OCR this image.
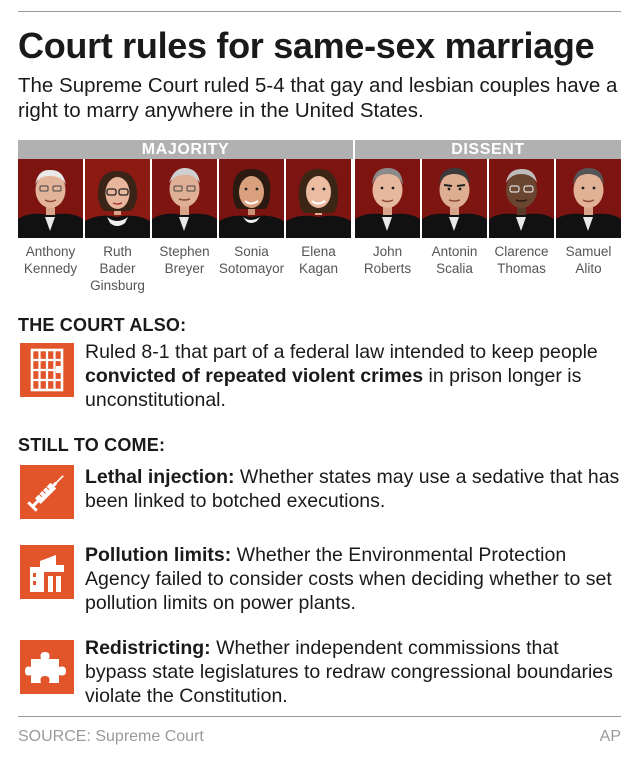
Court rules for same-sex marriage

The Supreme Court ruled 5-4 that gay and lesbian couples have a right to marry anywhere in the United States.

MAJORITY	DISSENT
Anthony
Kennedy
Ruth
Bader
Ginsburg
Stephen
Breyer
Sonia
Sotomayor
Elena
Kagan
John
Roberts
Antonin
Scalia
Clarence
Thomas
Samuel
Alito
THE COURT ALSO:

Ruled 8-1 that part of a federal law intended to keep people convicted of repeated violent crimes in prison longer is unconstitutional.

STILL TO COME:

Lethal injection: Whether states may use a sedative that has been linked to botched executions.

Pollution limits: Whether the Environmental Protection Agency failed to consider costs when deciding whether to set pollution limits on power plants.

Redistricting: Whether independent commissions that bypass state legislatures to redraw congressional boundaries violate the Constitution.

SOURCE: Supreme Court	AP
